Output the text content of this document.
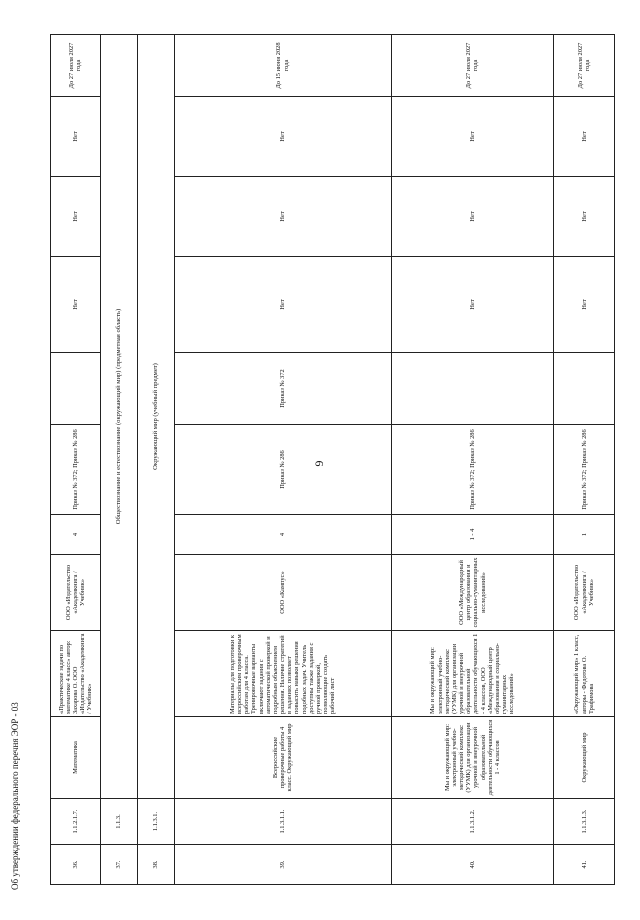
6
Об утверждении федерального перечня ЭОР - 03	36.	1.1.2.1.7.	Математика	«Практические задачи по математике 4 класс» автор: Захарова О. ООО «Издательство «Академкнига / Учебник»	ООО «Издательство «Академкнига / Учебник»	4	Приказ № 372; Приказ № 286		Нет	Нет	Нет	До 27 июля 2027 года
37.	1.1.3.	Обществознание и естествознание (окружающий мир) (предметная область)									
38.	1.1.3.1.	Окружающий мир (учебный предмет)									
39.	1.1.3.1.1.	Всероссийские проверочные работы 4 класс. Окружающий мир	Материалы для подготовки к всероссийским проверочным работам для 4 класса. Тренировочные варианты включают задания с автоматической проверкой и подробным объяснением решения. Наличие стратегий в заданиях позволяет повысить навыки решения подобных задач. Учитель доступны также задания с ручной проверкой, позволяющие создать рабочий лист	ООО «Кампус»	4	Приказ № 286	Приказ № 372	Нет	Нет	Нет	До 15 июня 2028 года
40.	1.1.3.1.2.	Мы и окружающий мир: электронный учебно-методический комплекс (УУМК) для организации урочной и внеурочной образовательной деятельности обучающихся 1 - 4 классов	Мы и окружающий мир: электронный учебно-методический комплекс (УУМК) для организации урочной и внеурочной образовательной деятельности обучающихся 1 - 4 классов, ООО «Международный центр образования и социально-гуманитарных исследований»	ООО «Международный центр образования и социально-гуманитарных исследований»	1 - 4	Приказ № 372; Приказ № 286		Нет	Нет	Нет	До 27 июля 2027 года
41.	1.1.3.1.3.	Окружающий мир	«Окружающий мир» 1 класс, авторы - Федотова О. Трафимова	ООО «Издательство «Академкнига / Учебник»	1	Приказ № 372; Приказ № 286		Нет	Нет	Нет	До 27 июля 2027 года
